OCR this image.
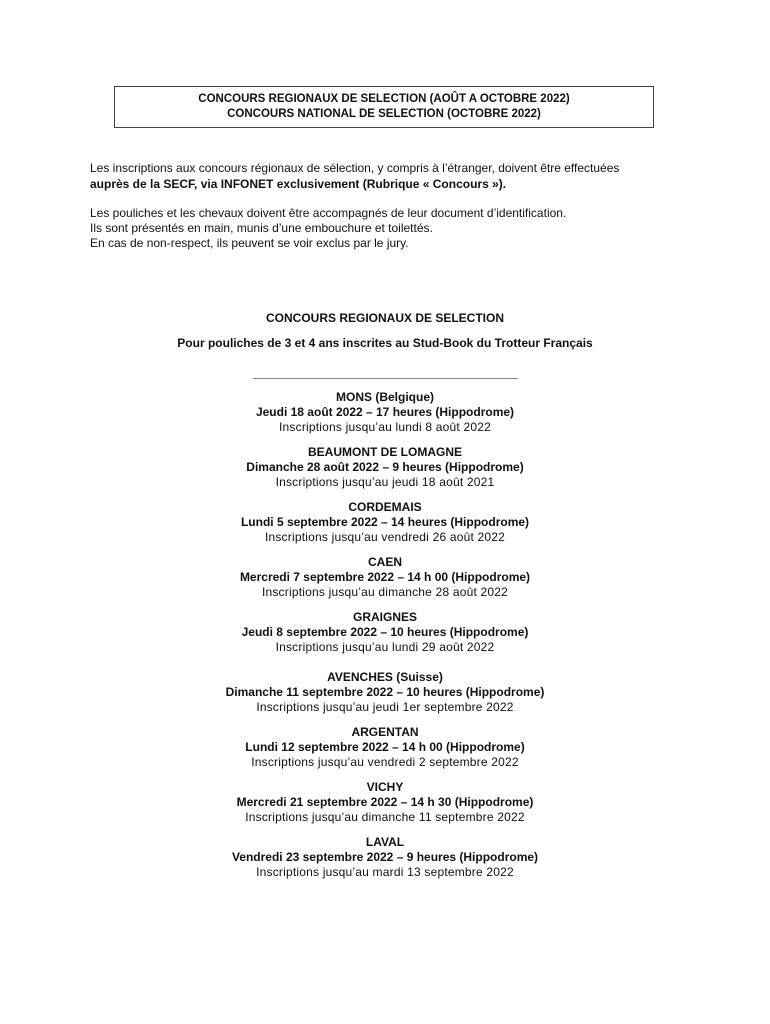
CONCOURS REGIONAUX DE SELECTION (AOÛT A OCTOBRE 2022)
CONCOURS NATIONAL DE SELECTION (OCTOBRE 2022)

Les inscriptions aux concours régionaux de sélection, y compris à l’étranger, doivent être effectuées
auprès de la SECF, via INFONET exclusivement (Rubrique « Concours »).

Les pouliches et les chevaux doivent être accompagnés de leur document d’identification.
Ils sont présentés en main, munis d’une embouchure et toilettés.
En cas de non-respect, ils peuvent se voir exclus par le jury.

CONCOURS REGIONAUX DE SELECTION
Pour pouliches de 3 et 4 ans inscrites au Stud-Book du Trotteur Français
MONS (Belgique)
Jeudi 18 août 2022 – 17 heures (Hippodrome)
Inscriptions jusqu’au lundi 8 août 2022
BEAUMONT DE LOMAGNE
Dimanche 28 août 2022 – 9 heures (Hippodrome)
Inscriptions jusqu’au jeudi 18 août 2021
CORDEMAIS
Lundi 5 septembre 2022 – 14 heures (Hippodrome)
Inscriptions jusqu’au vendredi 26 août 2022
CAEN
Mercredi 7 septembre 2022 – 14 h 00 (Hippodrome)
Inscriptions jusqu’au dimanche 28 août 2022
GRAIGNES
Jeudi 8 septembre 2022 – 10 heures (Hippodrome)
Inscriptions jusqu’au lundi 29 août 2022
AVENCHES (Suisse)
Dimanche 11 septembre 2022 – 10 heures (Hippodrome)
Inscriptions jusqu’au jeudi 1er septembre 2022
ARGENTAN
Lundi 12 septembre 2022 – 14 h 00 (Hippodrome)
Inscriptions jusqu’au vendredi 2 septembre 2022
VICHY
Mercredi 21 septembre 2022 – 14 h 30 (Hippodrome)
Inscriptions jusqu’au dimanche 11 septembre 2022
LAVAL
Vendredi 23 septembre 2022 – 9 heures (Hippodrome)
Inscriptions jusqu’au mardi 13 septembre 2022
